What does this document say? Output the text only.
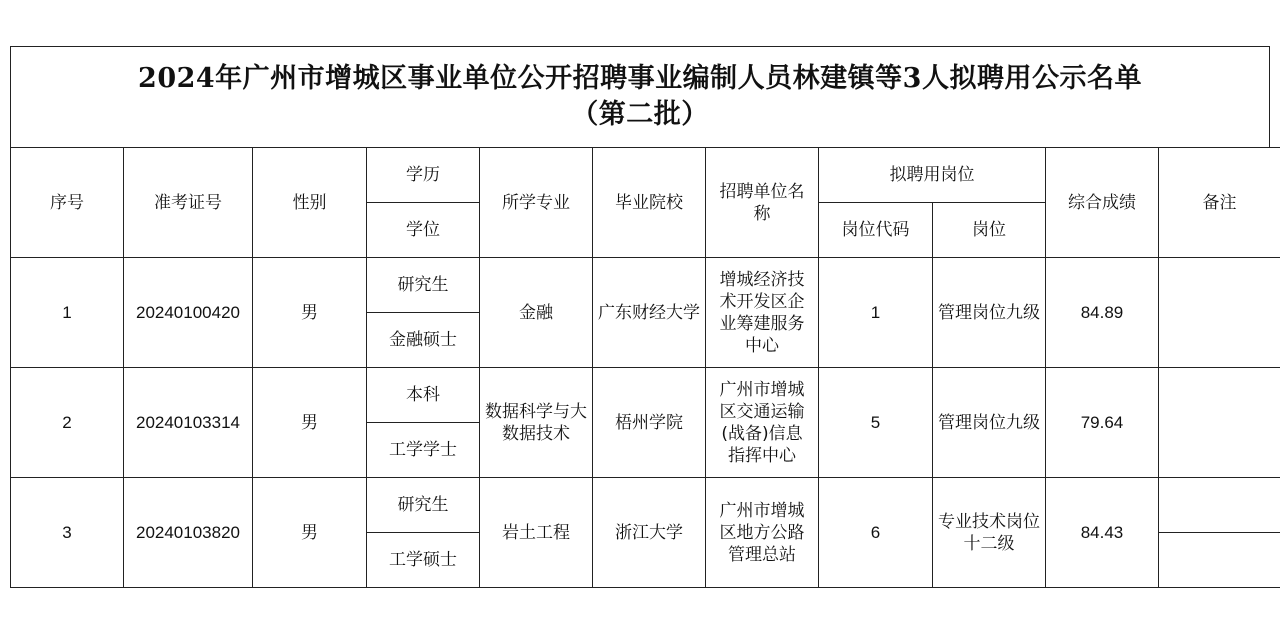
2024年广州市增城区事业单位公开招聘事业编制人员林建镇等3人拟聘用公示名单
（第二批）
序号	准考证号	性别	学历	所学专业	毕业院校	招聘单位名称	拟聘用岗位		综合成绩	备注
			学位				岗位代码	岗位		
1	20240100420	男	研究生	金融	广东财经大学	增城经济技术开发区企业筹建服务中心	1	管理岗位九级	84.89	
			金融硕士							
2	20240103314	男	本科	数据科学与大数据技术	梧州学院	广州市增城区交通运输(战备)信息指挥中心	5	管理岗位九级	79.64	
			工学学士							
3	20240103820	男	研究生	岩土工程	浙江大学	广州市增城区地方公路管理总站	6	专业技术岗位十二级	84.43	
			工学硕士							
